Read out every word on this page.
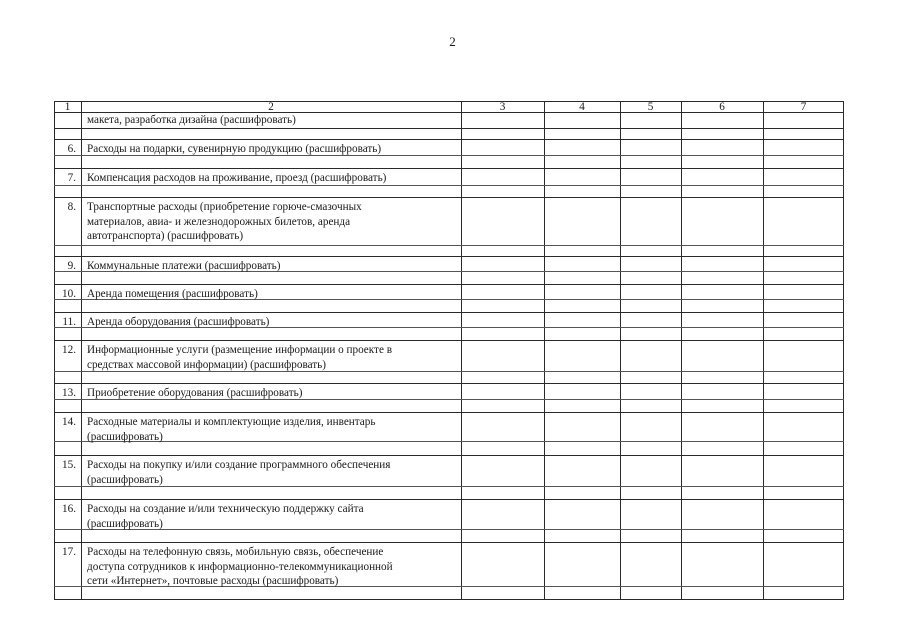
2
1	2	3	4	5	6	7
макета, разработка дизайна (расшифровать)
6. Расходы на подарки, сувенирную продукцию (расшифровать)
7. Компенсация расходов на проживание, проезд (расшифровать)
8. Транспортные расходы (приобретение горюче-смазочных
материалов, авиа- и железнодорожных билетов, аренда
автотранспорта) (расшифровать)
9. Коммунальные платежи (расшифровать)
10. Аренда помещения (расшифровать)
11. Аренда оборудования (расшифровать)
12. Информационные услуги (размещение информации о проекте в
средствах массовой информации) (расшифровать)
13. Приобретение оборудования (расшифровать)
14. Расходные материалы и комплектующие изделия, инвентарь
(расшифровать)
15. Расходы на покупку и/или создание программного обеспечения
(расшифровать)
16. Расходы на создание и/или техническую поддержку сайта
(расшифровать)
17. Расходы на телефонную связь, мобильную связь, обеспечение
доступа сотрудников к информационно-телекоммуникационной
сети «Интернет», почтовые расходы (расшифровать)
